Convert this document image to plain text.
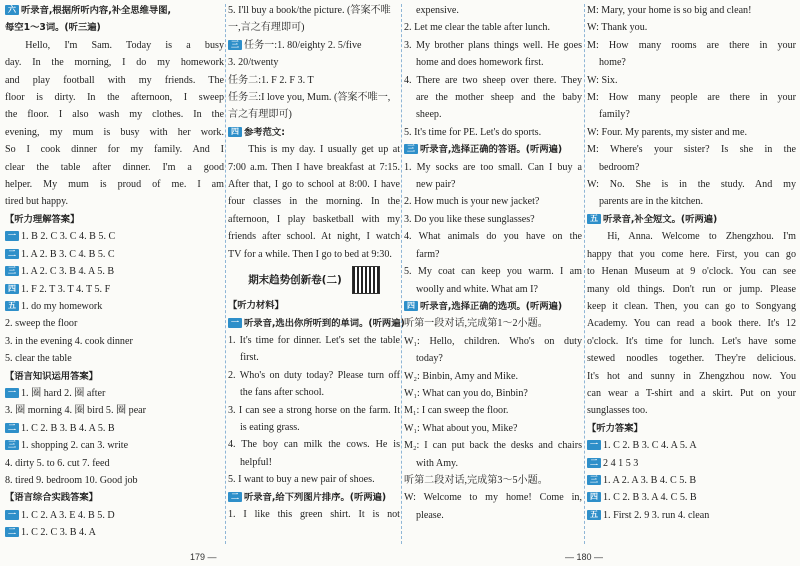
六 听录音,根据所听内容,补全思维导图,
每空1～3词。(听三遍)
Hello, I'm Sam. Today is a busy
day. In the morning, I do my homework
and play football with my friends. The
floor is dirty. In the afternoon, I sweep
the floor. I also wash my clothes. In the
evening, my mum is busy with her work.
So I cook dinner for my family. And I
clear the table after dinner. I'm a good
helper. My mum is proud of me. I am
tired but happy.
【听力理解答案】
一 1. B 2. C 3. C 4. B 5. C
二 1. A 2. B 3. C 4. B 5. C
三 1. A 2. C 3. B 4. A 5. B
四 1. F 2. T 3. T 4. T 5. F
五 1. do my homework
2. sweep the floor
3. in the evening 4. cook dinner
5. clear the table
【语言知识运用答案】
一 1. 圈 hard 2. 圈 after
3. 圈 morning 4. 圈 bird 5. 圈 pear
二 1. C 2. B 3. B 4. A 5. B
三 1. shopping 2. can 3. write
4. dirty 5. to 6. cut 7. feed
8. tired 9. bedroom 10. Good job
【语言综合实践答案】
一 1. C 2. A 3. E 4. B 5. D
二 1. C 2. C 3. B 4. A
5. I'll buy a book/the picture. (答案不唯
一,言之有理即可)
三 任务一:1. 80/eighty 2. 5/five
3. 20/twenty
任务二:1. F 2. F 3. T
任务三:I love you, Mum. (答案不唯一,
言之有理即可)
四 参考范文:
This is my day. I usually get up at
7:00 a.m. Then I have breakfast at 7:15.
After that, I go to school at 8:00. I have
four classes in the morning. In the
afternoon, I play basketball with my
friends after school. At night, I watch
TV for a while. Then I go to bed at 9:30.
期末趋势创新卷(二)
【听力材料】
一 听录音,选出你所听到的单词。(听两遍)
1. It's time for dinner. Let's set the table
first.
2. Who's on duty today? Please turn off
the fans after school.
3. I can see a strong horse on the farm. It
is eating grass.
4. The boy can milk the cows. He is
helpful!
5. I want to buy a new pair of shoes.
二 听录音,给下列图片排序。(听两遍)
1. I like this green shirt. It is not
expensive.
2. Let me clear the table after lunch.
3. My brother plans things well. He goes
home and does homework first.
4. There are two sheep over there. They
are the mother sheep and the baby
sheep.
5. It's time for PE. Let's do sports.
三 听录音,选择正确的答语。(听两遍)
1. My socks are too small. Can I buy a
new pair?
2. How much is your new jacket?
3. Do you like these sunglasses?
4. What animals do you have on the
farm?
5. My coat can keep you warm. I am
woolly and white. What am I?
四 听录音,选择正确的选项。(听两遍)
听第一段对话,完成第1～2小题。
W₁: Hello, children. Who's on duty
today?
W₂: Binbin, Amy and Mike.
W₁: What can you do, Binbin?
M₁: I can sweep the floor.
W₁: What about you, Mike?
M₂: I can put back the desks and chairs
with Amy.
听第二段对话,完成第3～5小题。
W: Welcome to my home! Come in,
please.
M: Mary, your home is so big and clean!
W: Thank you.
M: How many rooms are there in your
home?
W: Six.
M: How many people are there in your
family?
W: Four. My parents, my sister and me.
M: Where's your sister? Is she in the
bedroom?
W: No. She is in the study. And my
parents are in the kitchen.
五 听录音,补全短文。(听两遍)
Hi, Anna. Welcome to Zhengzhou. I'm
happy that you come here. First, you can go
to Henan Museum at 9 o'clock. You can see
many old things. Don't run or jump. Please
keep it clean. Then, you can go to Songyang
Academy. You can read a book there. It's 12
o'clock. It's time for lunch. Let's have some
stewed noodles together. They're delicious.
It's hot and sunny in Zhengzhou now. You
can wear a T-shirt and a skirt. Put on your
sunglasses too.
【听力答案】
一 1. C 2. B 3. C 4. A 5. A
二 2 4 1 5 3
三 1. A 2. A 3. B 4. C 5. B
四 1. C 2. B 3. A 4. C 5. B
五 1. First 2. 9 3. run 4. clean
179 —	— 180 —
